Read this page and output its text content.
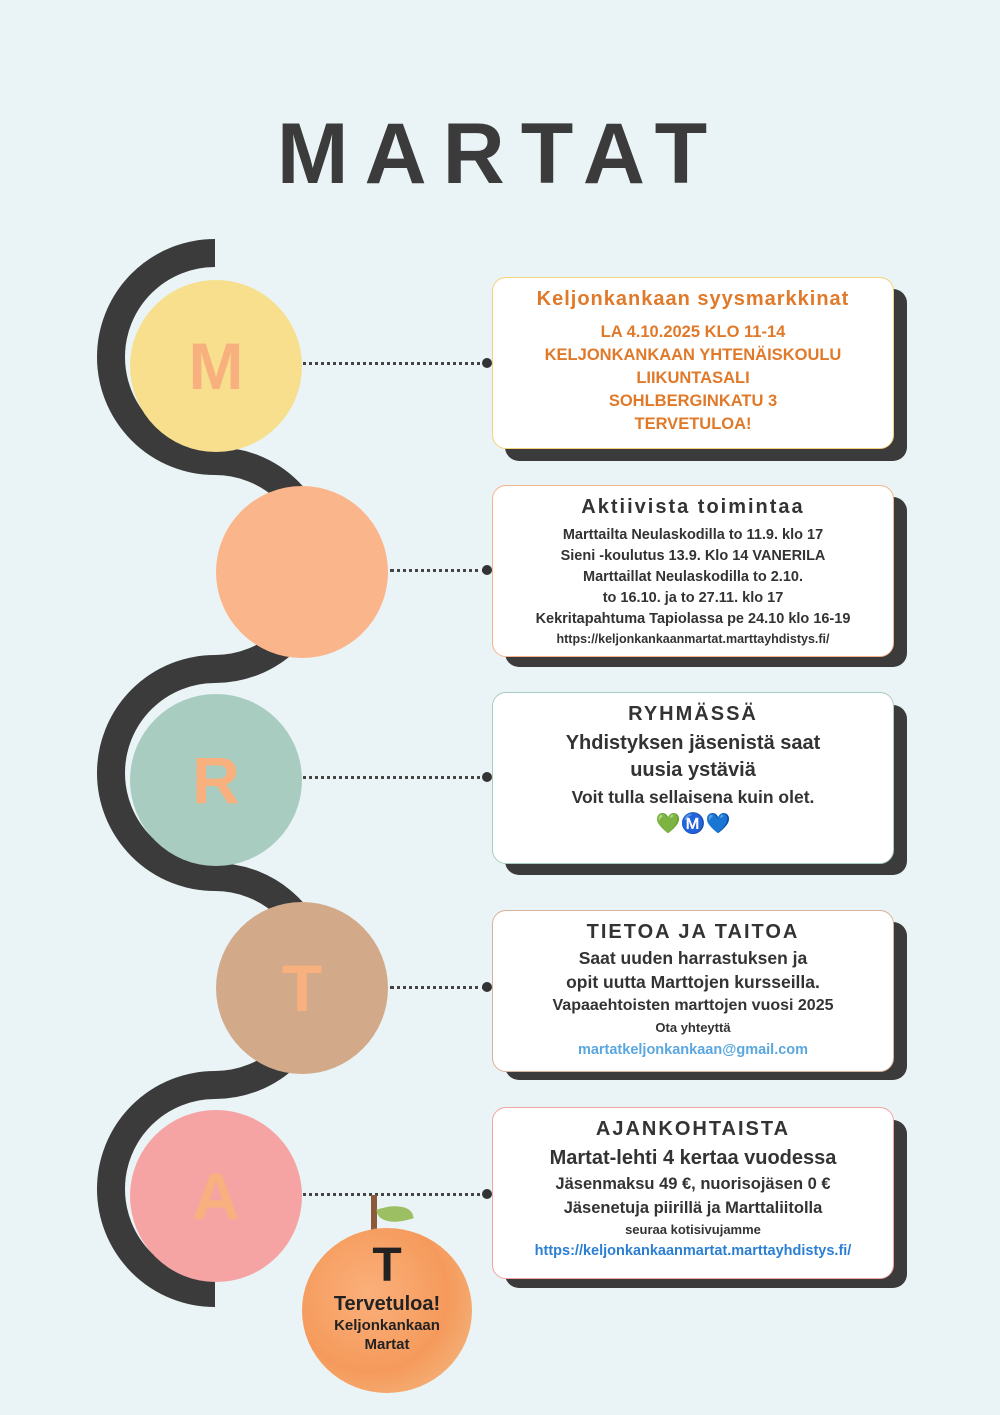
MARTAT
M
R
T
A

Keljonkankaan syysmarkkinat

LA 4.10.2025 KLO 11-14

KELJONKANKAAN YHTENÄISKOULU

LIIKUNTASALI

SOHLBERGINKATU 3

TERVETULOA!

Aktiivista toimintaa

Marttailta Neulaskodilla to 11.9. klo 17

Sieni -koulutus 13.9. Klo 14 VANERILA

Marttaillat Neulaskodilla to 2.10.

to 16.10. ja to 27.11. klo 17

Kekritapahtuma Tapiolassa pe 24.10 klo 16-19

https://keljonkankaanmartat.marttayhdistys.fi/

RYHMÄSSÄ

Yhdistyksen jäsenistä saat

uusia ystäviä

Voit tulla sellaisena kuin olet.

💚Ⓜ️💙

TIETOA JA TAITOA

Saat uuden harrastuksen ja

opit uutta Marttojen kursseilla.

Vapaaehtoisten marttojen vuosi 2025

Ota yhteyttä

martatkeljonkankaan@gmail.com

AJANKOHTAISTA

Martat-lehti 4 kertaa vuodessa

Jäsenmaksu 49 €, nuorisojäsen 0 €

Jäsenetuja piirillä ja Marttaliitolla

seuraa kotisivujamme

https://keljonkankaanmartat.marttayhdistys.fi/

T

Tervetuloa!

Keljonkankaan

Martat
